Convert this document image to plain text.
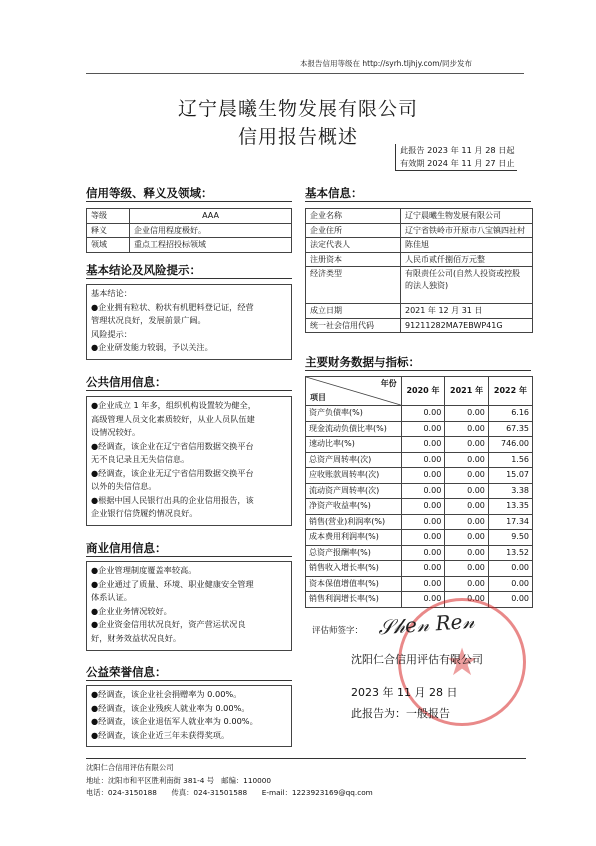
本报告信用等级在 http://syrh.tljhjy.com/同步发布
辽宁晨曦生物发展有限公司
信用报告概述
此报告 2023 年 11 月 28 日起
有效期 2024 年 11 月 27 日止
信用等级、释义及领域：
等级	AAA
释义	企业信用程度极好。
领域	重点工程招投标领域
基本结论及风险提示：
基本结论：
●企业拥有粒状、粉状有机肥料登记证，经营
管理状况良好，发展前景广阔。
风险提示：
●企业研发能力较弱，予以关注。
公共信用信息：
●企业成立 1 年多，组织机构设置较为健全，
高级管理人员文化素质较好，从业人员队伍建
设情况较好。
●经调查，该企业在辽宁省信用数据交换平台
无不良记录且无失信信息。
●经调查，该企业无辽宁省信用数据交换平台
以外的失信信息。
●根据中国人民银行出具的企业信用报告，该
企业银行信贷履约情况良好。
商业信用信息：
●企业管理制度覆盖率较高。
●企业通过了质量、环境、职业健康安全管理
体系认证。
●企业业务情况较好。
●企业资金信用状况良好，资产营运状况良
好，财务效益状况良好。
公益荣誉信息：
●经调查，该企业社会捐赠率为 0.00%。
●经调查，该企业残疾人就业率为 0.00%。
●经调查，该企业退伍军人就业率为 0.00%。
●经调查，该企业近三年未获得奖项。
基本信息：
企业名称	辽宁晨曦生物发展有限公司
企业住所	辽宁省铁岭市开原市八宝镇四社村
法定代表人	陈佳旭
注册资本	人民币贰仟捌佰万元整
经济类型	有限责任公司(自然人投资或控股的法人独资)
成立日期	2021 年 12 月 31 日
统一社会信用代码	91211282MA7EBWP41G
主要财务数据与指标：
年份
项目	2020 年	2021 年	2022 年
资产负债率(%)	0.00	0.00	6.16
现金流动负债比率(%)	0.00	0.00	67.35
速动比率(%)	0.00	0.00	746.00
总资产周转率(次)	0.00	0.00	1.56
应收账款周转率(次)	0.00	0.00	15.07
流动资产周转率(次)	0.00	0.00	3.38
净资产收益率(%)	0.00	0.00	13.35
销售(营业)利润率(%)	0.00	0.00	17.34
成本费用利润率(%)	0.00	0.00	9.50
总资产报酬率(%)	0.00	0.00	13.52
销售收入增长率(%)	0.00	0.00	0.00
资本保值增值率(%)	0.00	0.00	0.00
销售利润增长率(%)	0.00	0.00	0.00
★
评估师签字： 𝒮𝒽𝑒𝓃 𝑅𝑒𝓃
沈阳仁合信用评估有限公司
2023 年 11 月 28 日
此报告为：一般报告
沈阳仁合信用评估有限公司
地址：沈阳市和平区胜利南街 381-4 号　邮编：110000
电话：024-3150188　　传真：024-31501588　　E-mail：1223923169@qq.com
